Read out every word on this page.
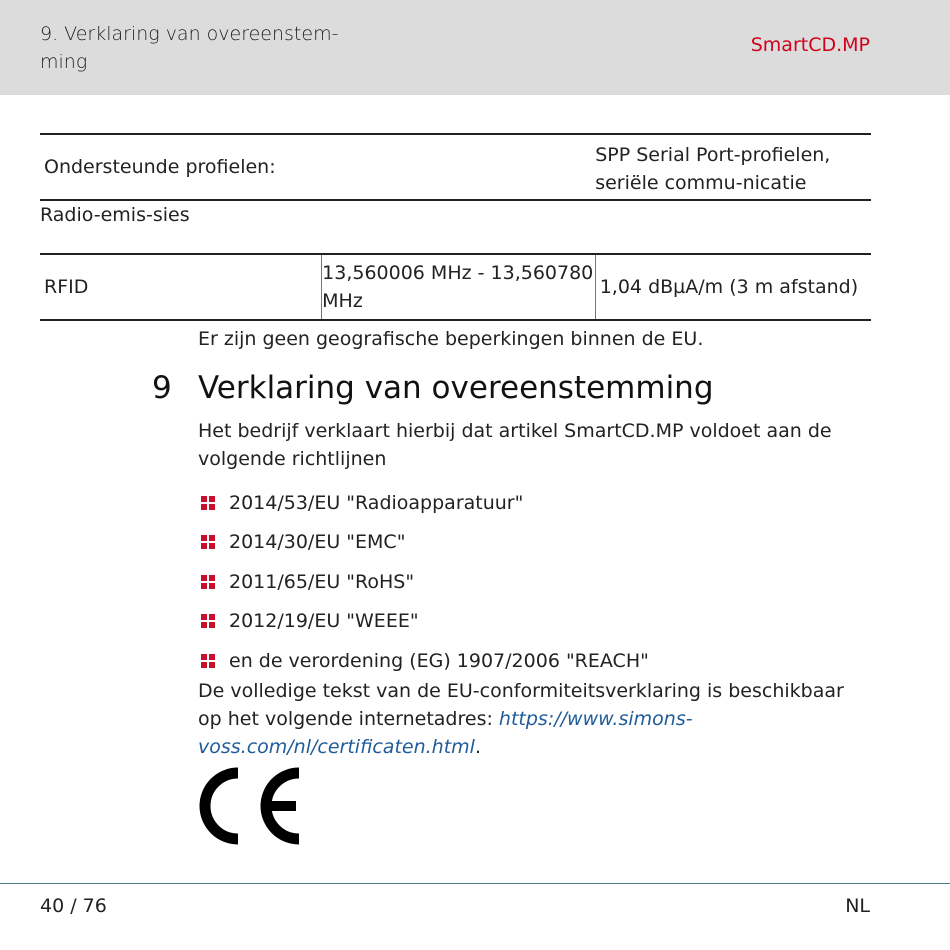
9. Verklaring van overeenstem-ming
SmartCD.MP
Ondersteunde profielen:		SPP Serial Port-profielen, seriële commu-nicatie
Radio-emis-sies		
RFID	13,560006 MHz - 13,560780 MHz	1,04 dBµA/m (3 m afstand)
Er zijn geen geografische beperkingen binnen de EU.
9 Verklaring van overeenstemming
Het bedrijf verklaart hierbij dat artikel SmartCD.MP voldoet aan de volgende richtlijnen
2014/53/EU "Radioapparatuur"
2014/30/EU "EMC"
2011/65/EU "RoHS"
2012/19/EU "WEEE"
en de verordening (EG) 1907/2006 "REACH"
De volledige tekst van de EU-conformiteitsverklaring is beschikbaar op het volgende internetadres: https://www.simons-voss.com/nl/certificaten.html.
40 / 76	NL
